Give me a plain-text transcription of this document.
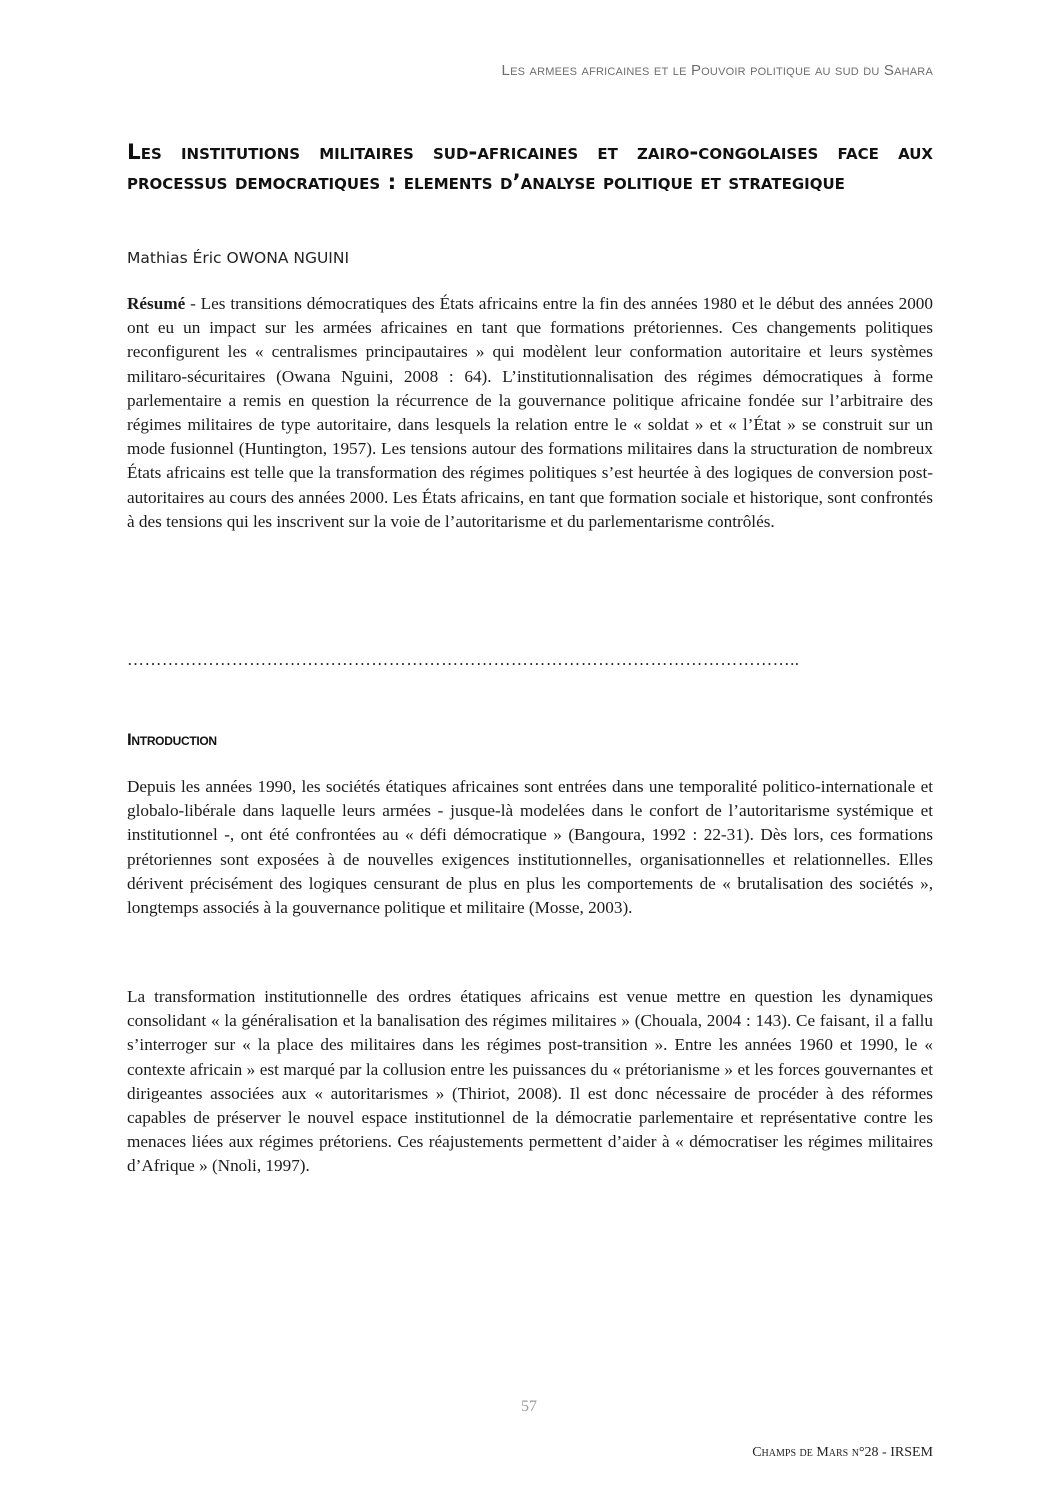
Les armees africaines et le Pouvoir politique au sud du Sahara
Les institutions militaires sud-africaines et zairo-congolaises face aux processus democratiques : elements d’analyse politique et strategique
Mathias Éric OWONA NGUINI

Résumé - Les transitions démocratiques des États africains entre la fin des années 1980 et le début des années 2000 ont eu un impact sur les armées africaines en tant que formations prétoriennes. Ces changements politiques reconfigurent les « centralismes principautaires » qui modèlent leur conformation autoritaire et leurs systèmes militaro-sécuritaires (Owana Nguini, 2008 : 64). L’institutionnalisation des régimes démocratiques à forme parlementaire a remis en question la récurrence de la gouvernance politique africaine fondée sur l’arbitraire des régimes militaires de type autoritaire, dans lesquels la relation entre le « soldat » et « l’État » se construit sur un mode fusionnel (Huntington, 1957). Les tensions autour des formations militaires dans la structuration de nombreux États africains est telle que la transformation des régimes politiques s’est heurtée à des logiques de conversion post-autoritaires au cours des années 2000. Les États africains, en tant que formation sociale et historique, sont confrontés à des tensions qui les inscrivent sur la voie de l’autoritarisme et du parlementarisme contrôlés.

……………………………………………………………………………………………………..
Introduction

Depuis les années 1990, les sociétés étatiques africaines sont entrées dans une temporalité politico-internationale et globalo-libérale dans laquelle leurs armées - jusque-là modelées dans le confort de l’autoritarisme systémique et institutionnel -, ont été confrontées au « défi démocratique » (Bangoura, 1992 : 22-31). Dès lors, ces formations prétoriennes sont exposées à de nouvelles exigences institutionnelles, organisationnelles et relationnelles. Elles dérivent précisément des logiques censurant de plus en plus les comportements de « brutalisation des sociétés », longtemps associés à la gouvernance politique et militaire (Mosse, 2003).

La transformation institutionnelle des ordres étatiques africains est venue mettre en question les dynamiques consolidant « la généralisation et la banalisation des régimes militaires » (Chouala, 2004 : 143). Ce faisant, il a fallu s’interroger sur « la place des militaires dans les régimes post-transition ». Entre les années 1960 et 1990, le « contexte africain » est marqué par la collusion entre les puissances du « prétorianisme » et les forces gouvernantes et dirigeantes associées aux « autoritarismes » (Thiriot, 2008). Il est donc nécessaire de procéder à des réformes capables de préserver le nouvel espace institutionnel de la démocratie parlementaire et représentative contre les menaces liées aux régimes prétoriens. Ces réajustements permettent d’aider à « démocratiser les régimes militaires d’Afrique » (Nnoli, 1997).

57
Champs de Mars n°28 - IRSEM
